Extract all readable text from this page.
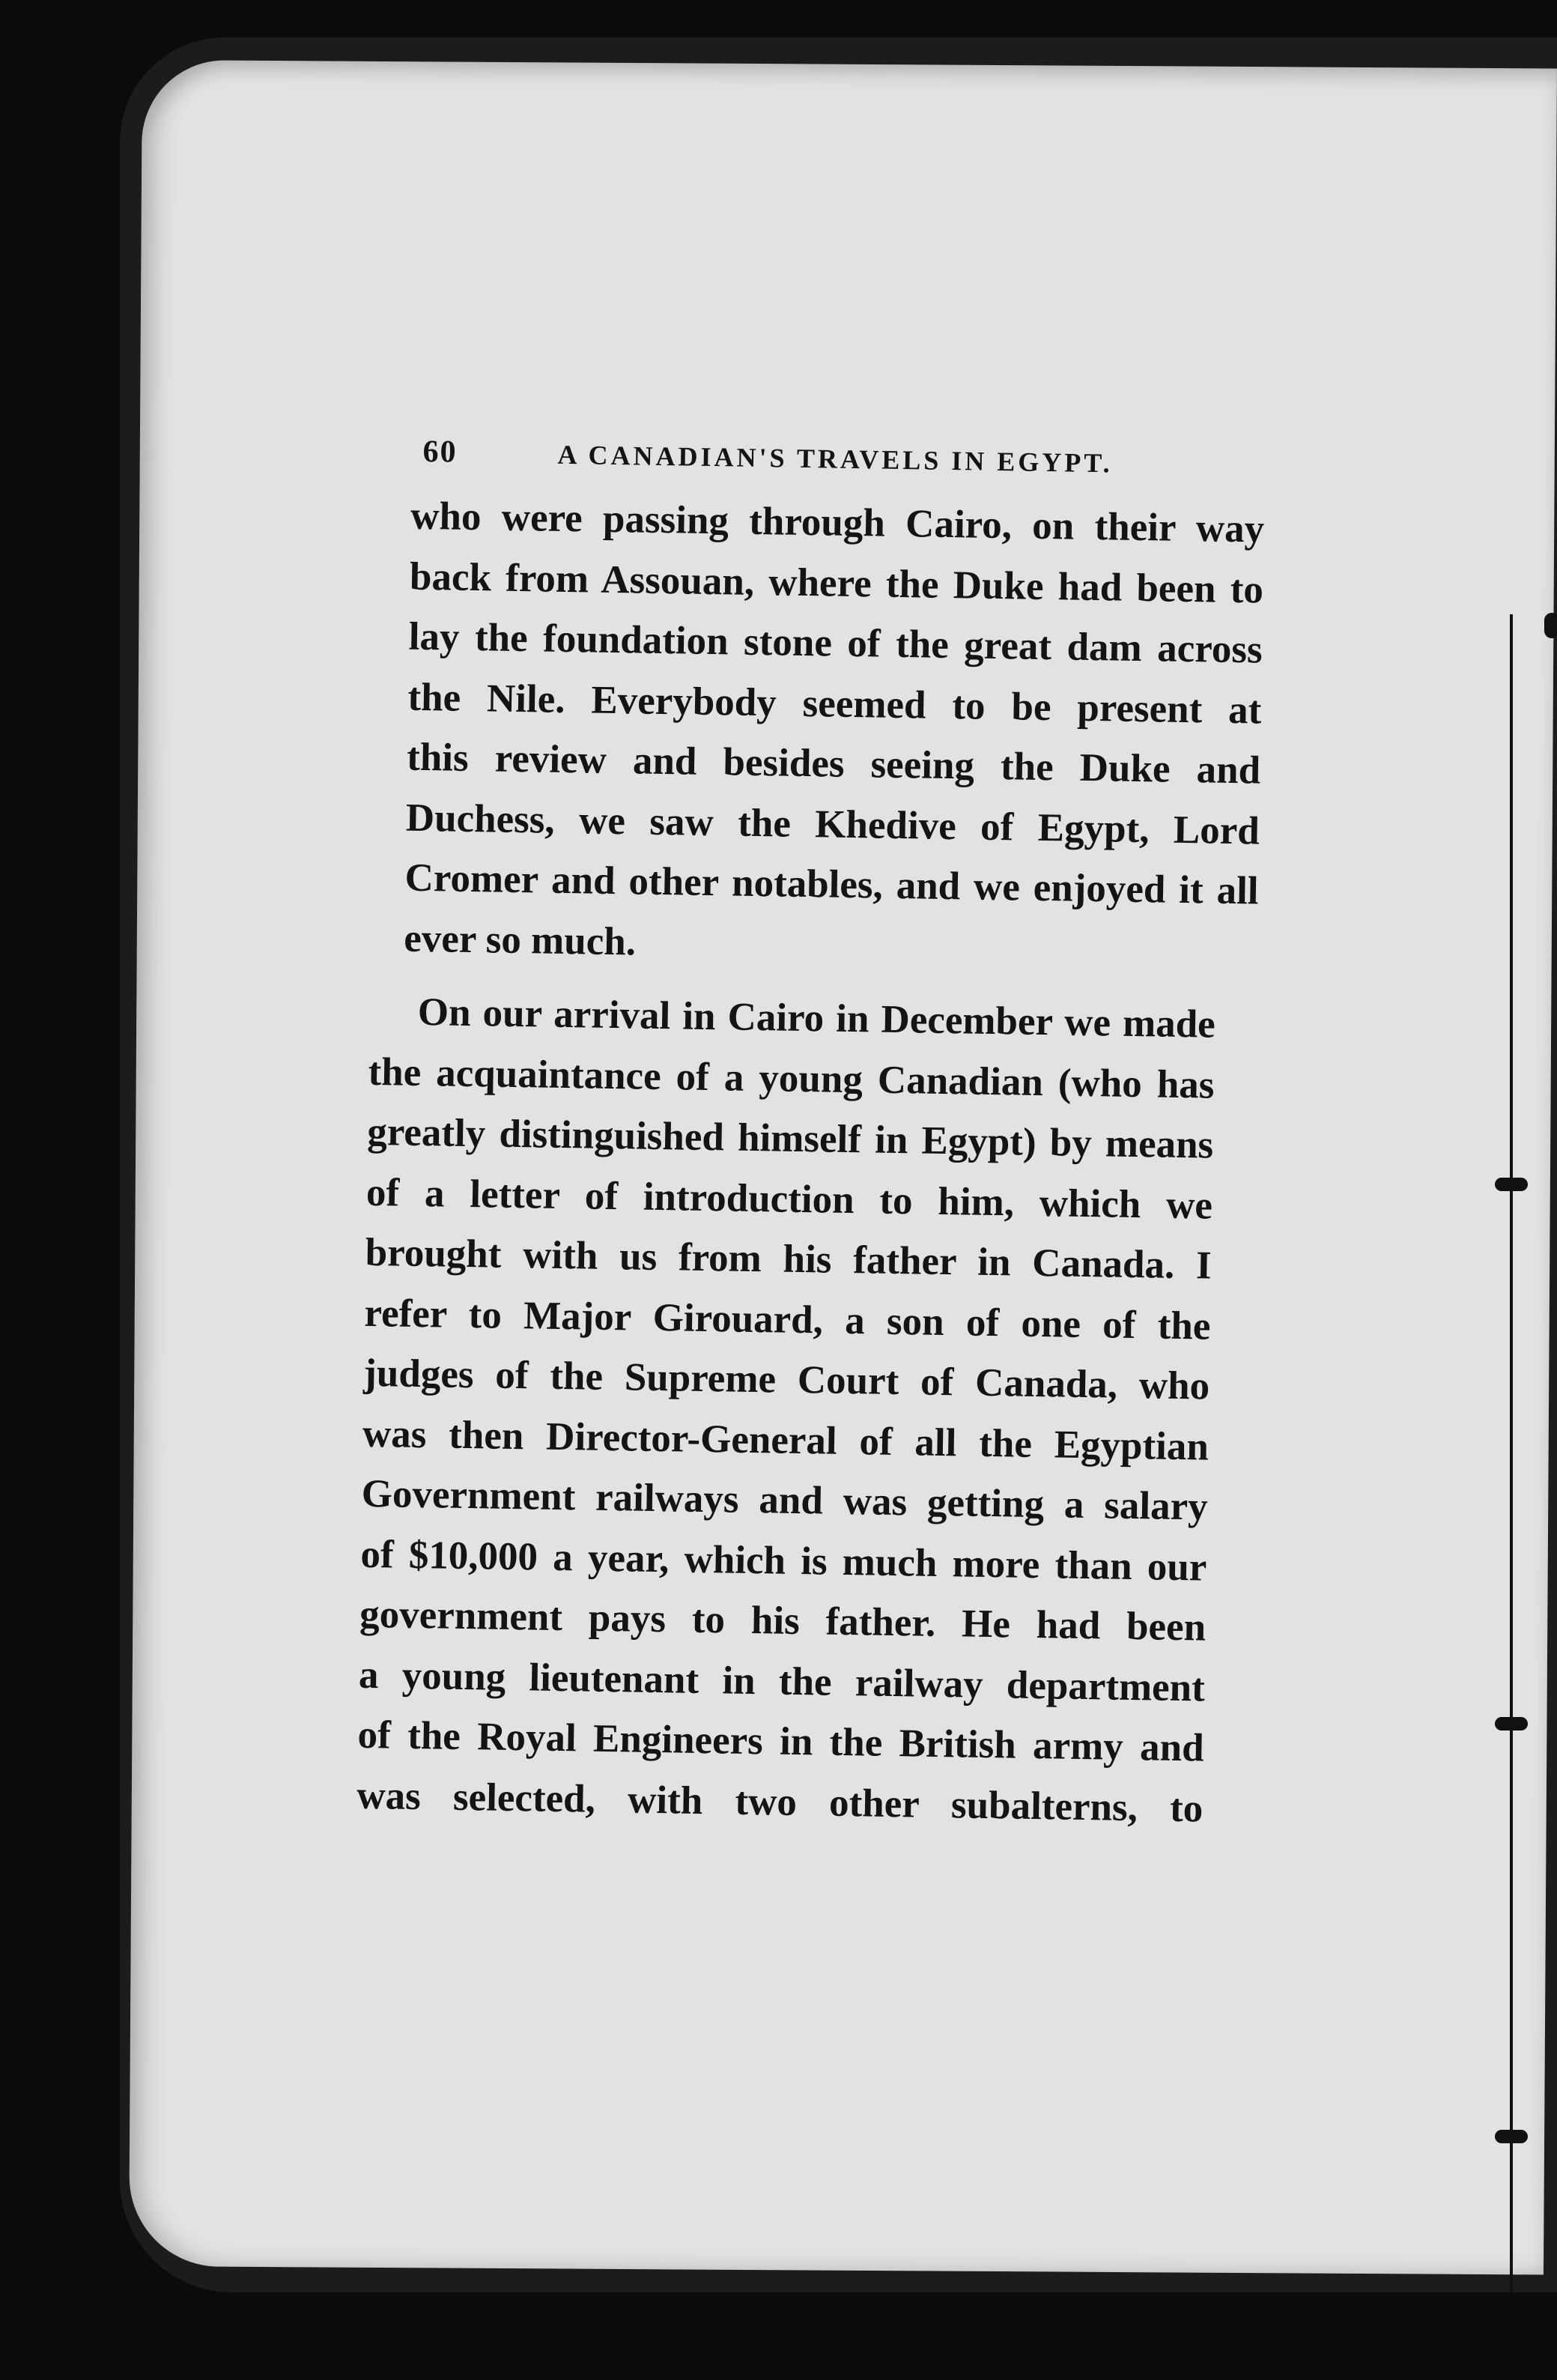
60	A CANADIAN'S TRAVELS IN EGYPT.
who were passing through Cairo, on their way
back from Assouan, where the Duke had been to
lay the foundation stone of the great dam across
the Nile. Everybody seemed to be present at
this review and besides seeing the Duke and
Duchess, we saw the Khedive of Egypt, Lord
Cromer and other notables, and we enjoyed it all
ever so much.
On our arrival in Cairo in December we made
the acquaintance of a young Canadian (who has
greatly distinguished himself in Egypt) by means
of a letter of introduction to him, which we
brought with us from his father in Canada. I
refer to Major Girouard, a son of one of the
judges of the Supreme Court of Canada, who
was then Director-General of all the Egyptian
Government railways and was getting a salary
of $10,000 a year, which is much more than our
government pays to his father. He had been
a young lieutenant in the railway department
of the Royal Engineers in the British army and
was selected, with two other subalterns, to
